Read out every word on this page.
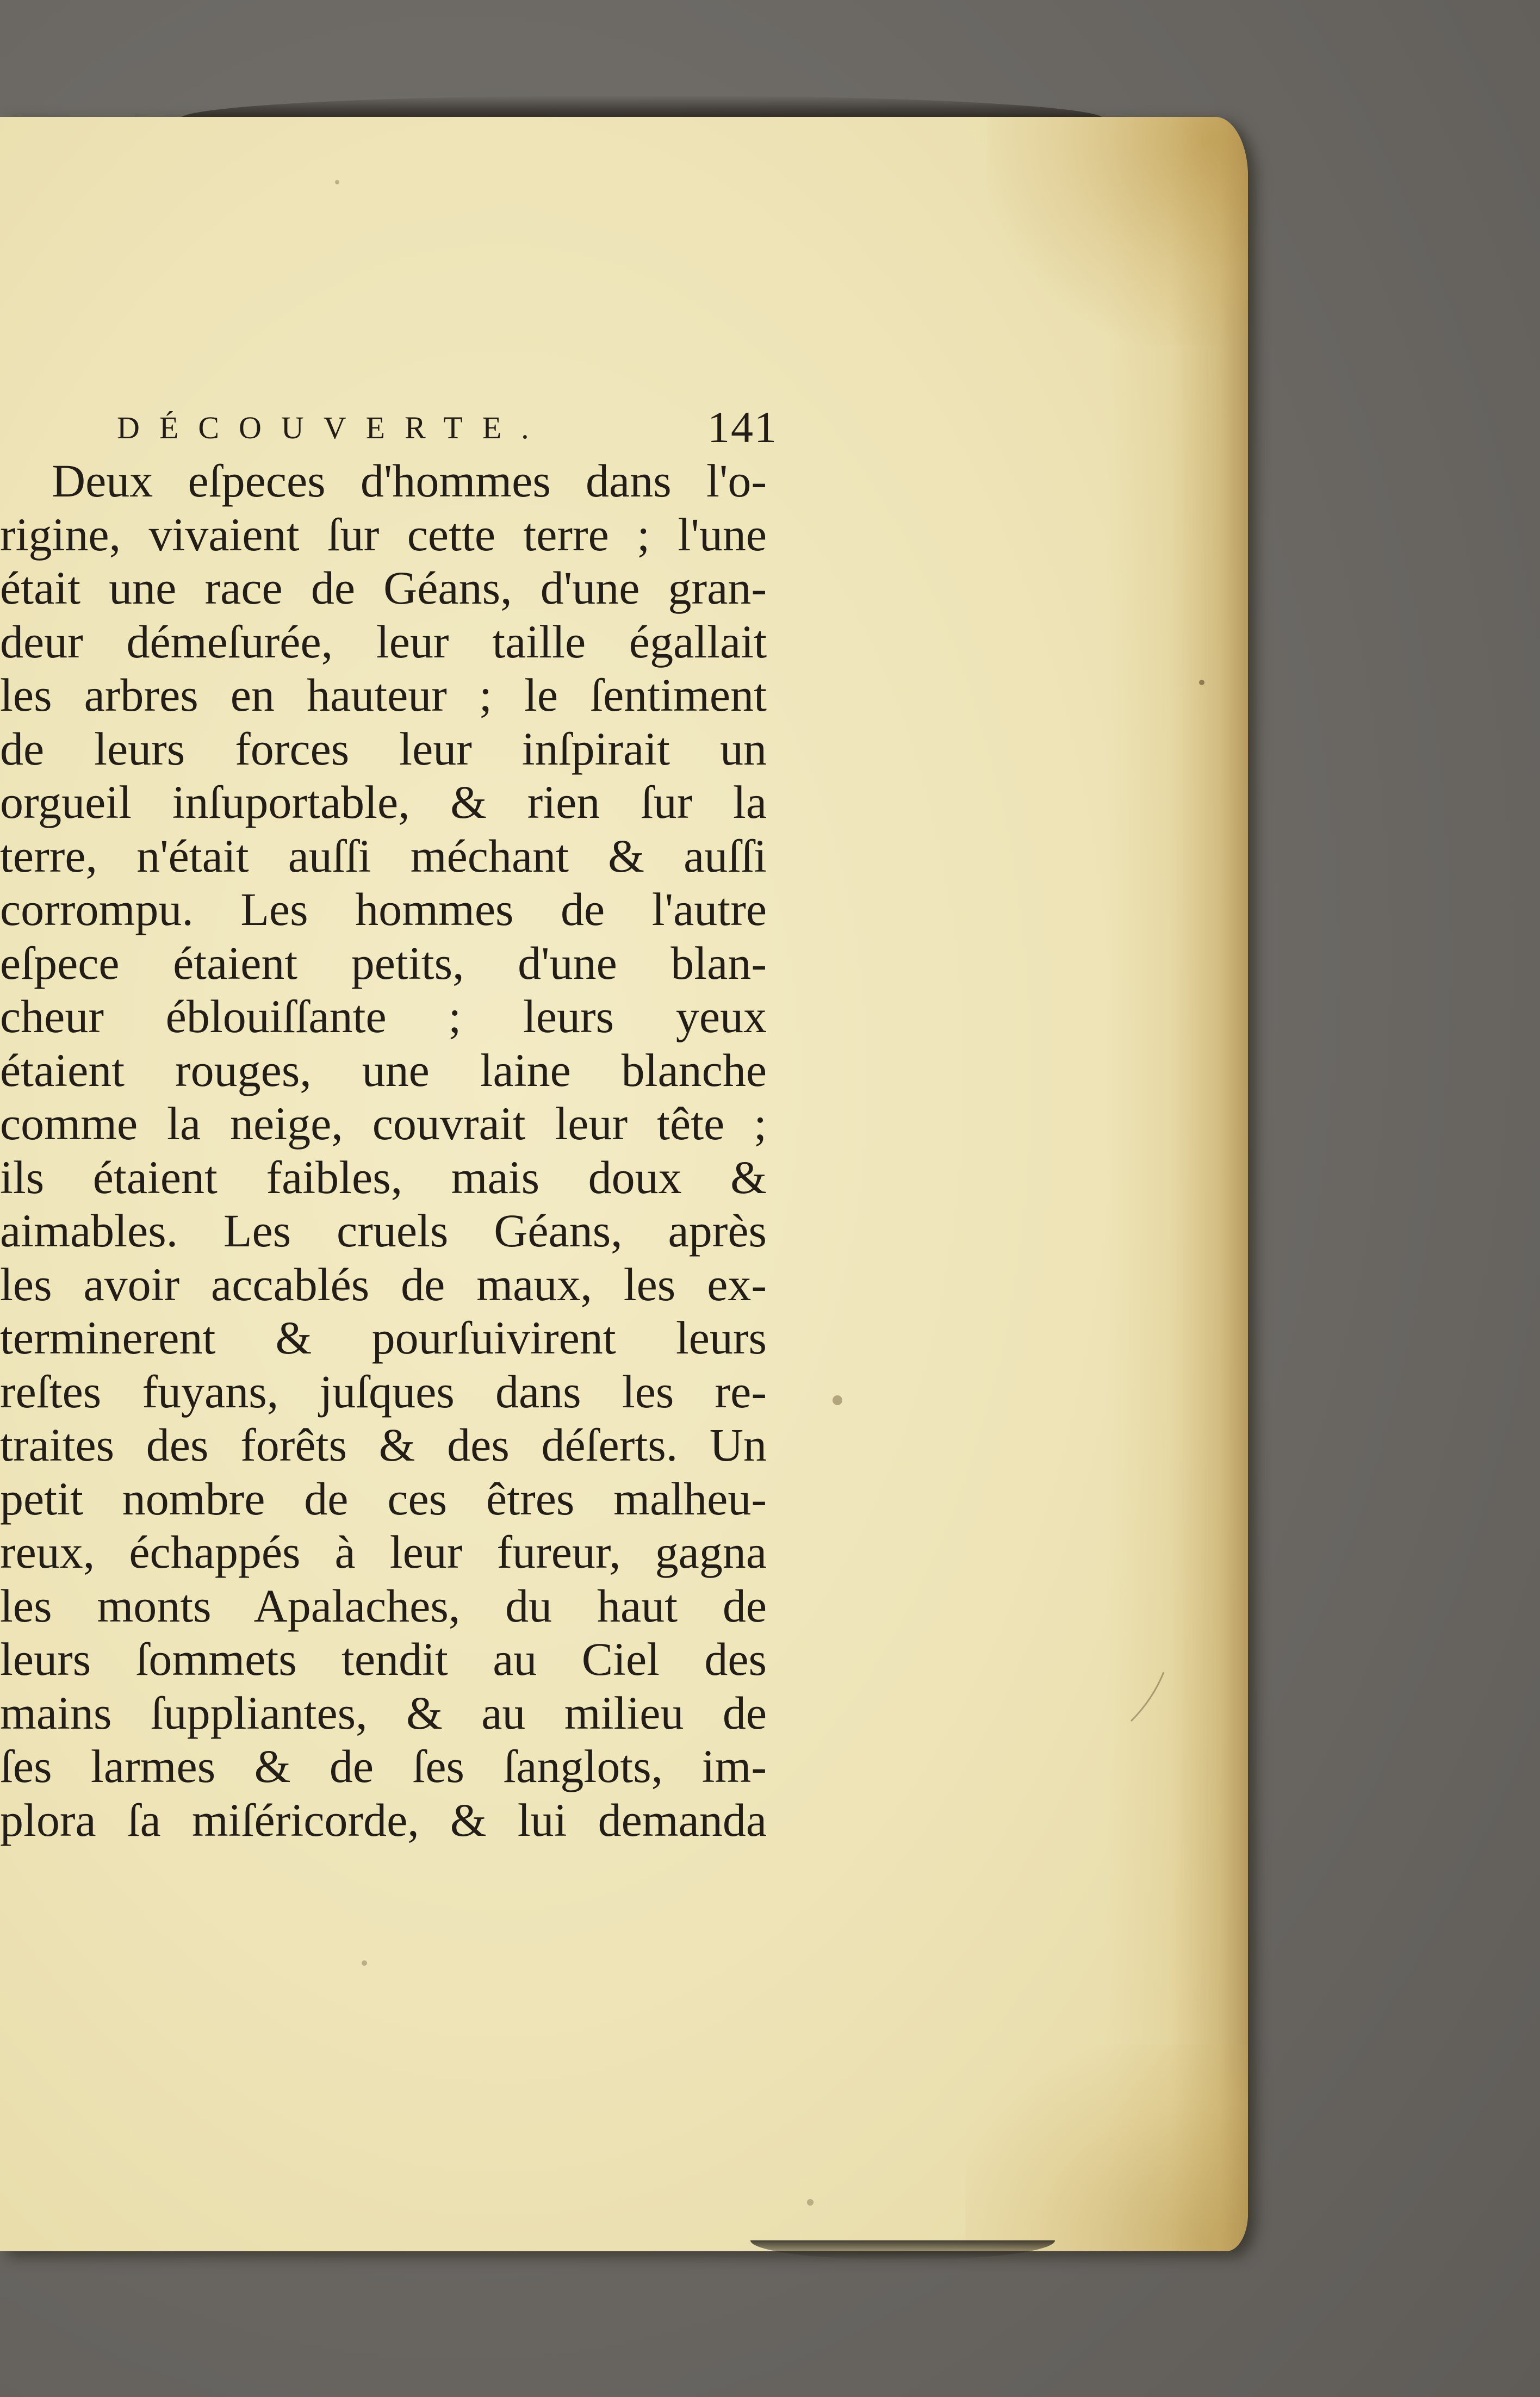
DÉCOUVERTE.	141
Deux eſpeces d'hommes dans l'o-
rigine, vivaient ſur cette terre ; l'une
était une race de Géans, d'une gran-
deur démeſurée, leur taille égallait
les arbres en hauteur ; le ſentiment
de leurs forces leur inſpirait un
orgueil inſuportable, & rien ſur la
terre, n'était auſſi méchant & auſſi
corrompu. Les hommes de l'autre
eſpece étaient petits, d'une blan-
cheur éblouiſſante ; leurs yeux
étaient rouges, une laine blanche
comme la neige, couvrait leur tête ;
ils étaient faibles, mais doux &
aimables. Les cruels Géans, après
les avoir accablés de maux, les ex-
terminerent & pourſuivirent leurs
reſtes fuyans, juſques dans les re-
traites des forêts & des déſerts. Un
petit nombre de ces êtres malheu-
reux, échappés à leur fureur, gagna
les monts Apalaches, du haut de
leurs ſommets tendit au Ciel des
mains ſuppliantes, & au milieu de
ſes larmes & de ſes ſanglots, im-
plora ſa miſéricorde, & lui demanda
